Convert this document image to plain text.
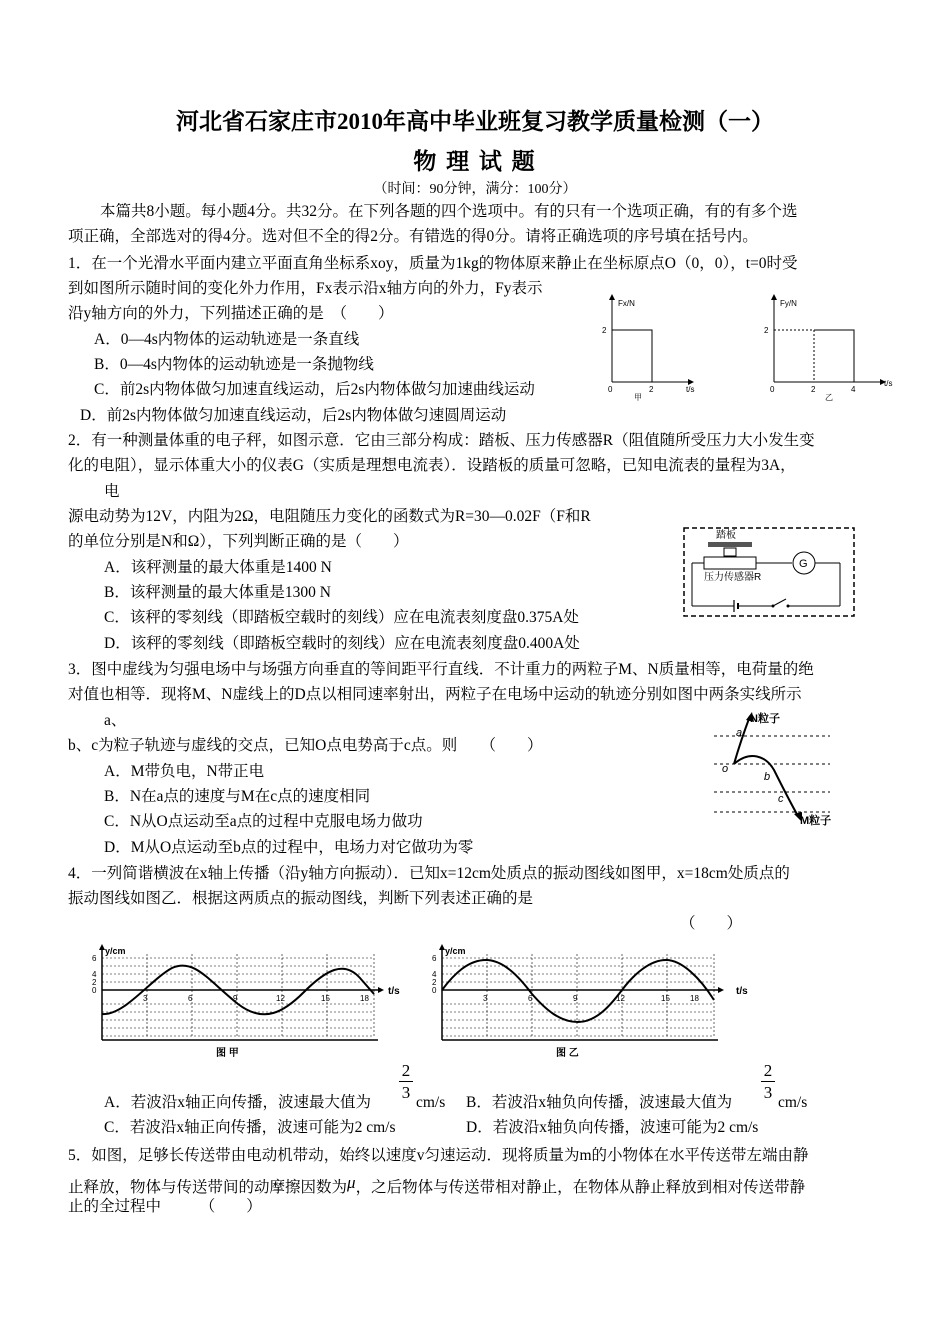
河北省石家庄市2010年高中毕业班复习教学质量检测（一）
物 理 试 题
（时间：90分钟，满分：100分）
本篇共8小题。每小题4分。共32分。在下列各题的四个选项中。有的只有一个选项正确，有的有多个选
项正确，全部选对的得4分。选对但不全的得2分。有错选的得0分。请将正确选项的序号填在括号内。
1．在一个光滑水平面内建立平面直角坐标系xoy，质量为1kg的物体原来静止在坐标原点O（0，0），t=0时受
到如图所示随时间的变化外力作用，Fx表示沿x轴方向的外力，Fy表示
沿y轴方向的外力，下列描述正确的是　（　　）
A．0—4s内物体的运动轨迹是一条直线
B．0—4s内物体的运动轨迹是一条抛物线
C．前2s内物体做匀加速直线运动，后2s内物体做匀加速曲线运动
D．前2s内物体做匀加速直线运动，后2s内物体做匀速圆周运动
Fx/N
2
0	2	t/s
甲
Fy/N
2
0	2	4
t/s
乙
2．有一种测量体重的电子秤，如图示意．它由三部分构成：踏板、压力传感器R（阻值随所受压力大小发生变
化的电阻），显示体重大小的仪表G（实质是理想电流表）．设踏板的质量可忽略，已知电流表的量程为3A，
电
源电动势为12V，内阻为2Ω，电阻随压力变化的函数式为R=30—0.02F（F和R
的单位分别是N和Ω），下列判断正确的是（　　）
A．该秤测量的最大体重是1400 N
B．该秤测量的最大体重是1300 N
C．该秤的零刻线（即踏板空载时的刻线）应在电流表刻度盘0.375A处
D．该秤的零刻线（即踏板空载时的刻线）应在电流表刻度盘0.400A处
踏板
压力传感器R
G
3．图中虚线为匀强电场中与场强方向垂直的等间距平行直线．不计重力的两粒子M、N质量相等，电荷量的绝
对值也相等．现将M、N虚线上的D点以相同速率射出，两粒子在电场中运动的轨迹分别如图中两条实线所示
a、
b、c为粒子轨迹与虚线的交点，已知O点电势高于c点。则　　（　　）
A．M带负电，N带正电
B．N在a点的速度与M在c点的速度相同
C．N从O点运动至a点的过程中克服电场力做功
D．M从O点运动至b点的过程中，电场力对它做功为零
N粒子
a
o
b
c
M粒子
4．一列简谐横波在x轴上传播（沿y轴方向振动）．已知x=12cm处质点的振动图线如图甲，x=18cm处质点的
振动图线如图乙．根据这两质点的振动图线，判断下列表述正确的是
（　　）
y/cm
6
4
2
0
3	6	9	12	15	18
t/s
图 甲
y/cm
6
4
2
0
3	6	9	12	15	18
t/s
图 乙
A．若波沿x轴正向传播，波速最大值为
2
3
cm/s B．若波沿x轴负向传播，波速最大值为
2
3
cm/s
C．若波沿x轴正向传播，波速可能为2 cm/s	D．若波沿x轴负向传播，波速可能为2 cm/s
5．如图，足够长传送带由电动机带动，始终以速度v匀速运动．现将质量为m的小物体在水平传送带左端由静
止释放，物体与传送带间的动摩擦因数为μ，之后物体与传送带相对静止，在物体从静止释放到相对传送带静
止的全过程中　　　（　　）
